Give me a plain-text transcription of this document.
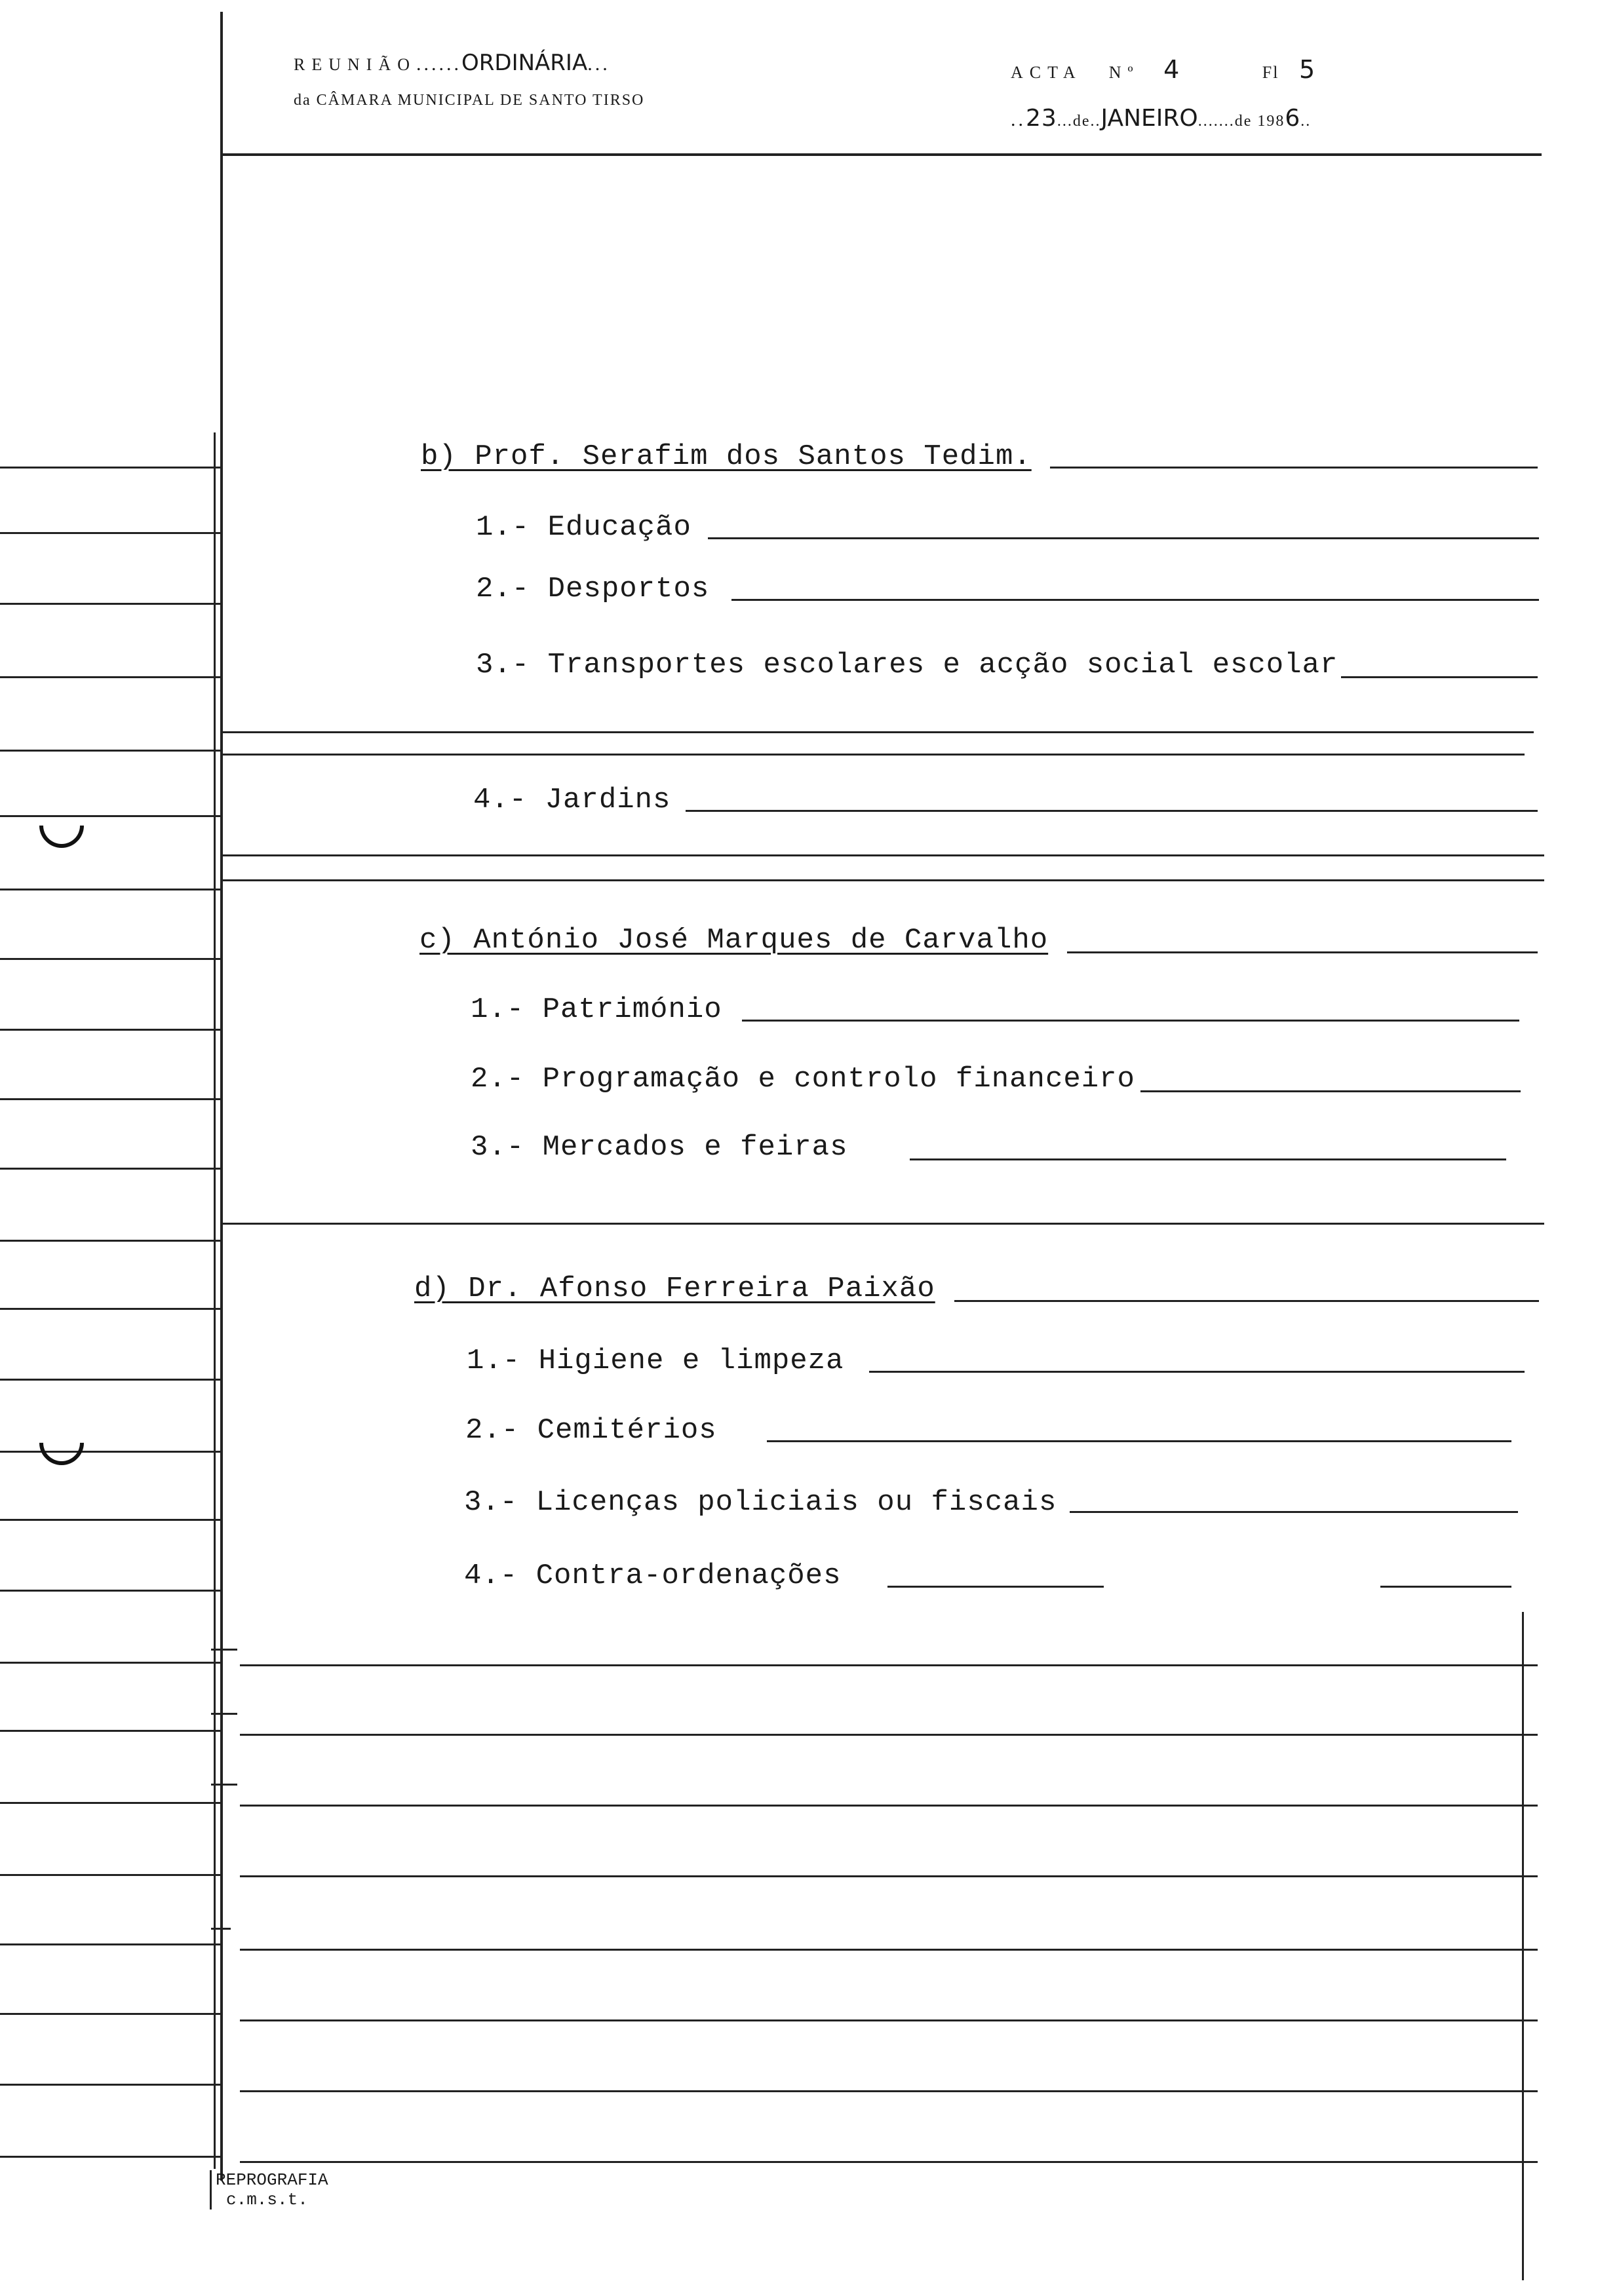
REUNIÃO......ORDINÁRIA...
da CÂMARA MUNICIPAL DE SANTO TIRSO
ACTA Nº 4	Fl 5
..23...de..JANEIRO.......de 1986..
b) Prof. Serafim dos Santos Tedim.
1.- Educação
2.- Desportos
3.- Transportes escolares e acção social escolar
4.- Jardins
c) António José Marques de Carvalho
1.- Património
2.- Programação e controlo financeiro
3.- Mercados e feiras
d) Dr. Afonso Ferreira Paixão
1.- Higiene e limpeza
2.- Cemitérios
3.- Licenças policiais ou fiscais
4.- Contra-ordenações
REPROGRAFIA
c.m.s.t.
